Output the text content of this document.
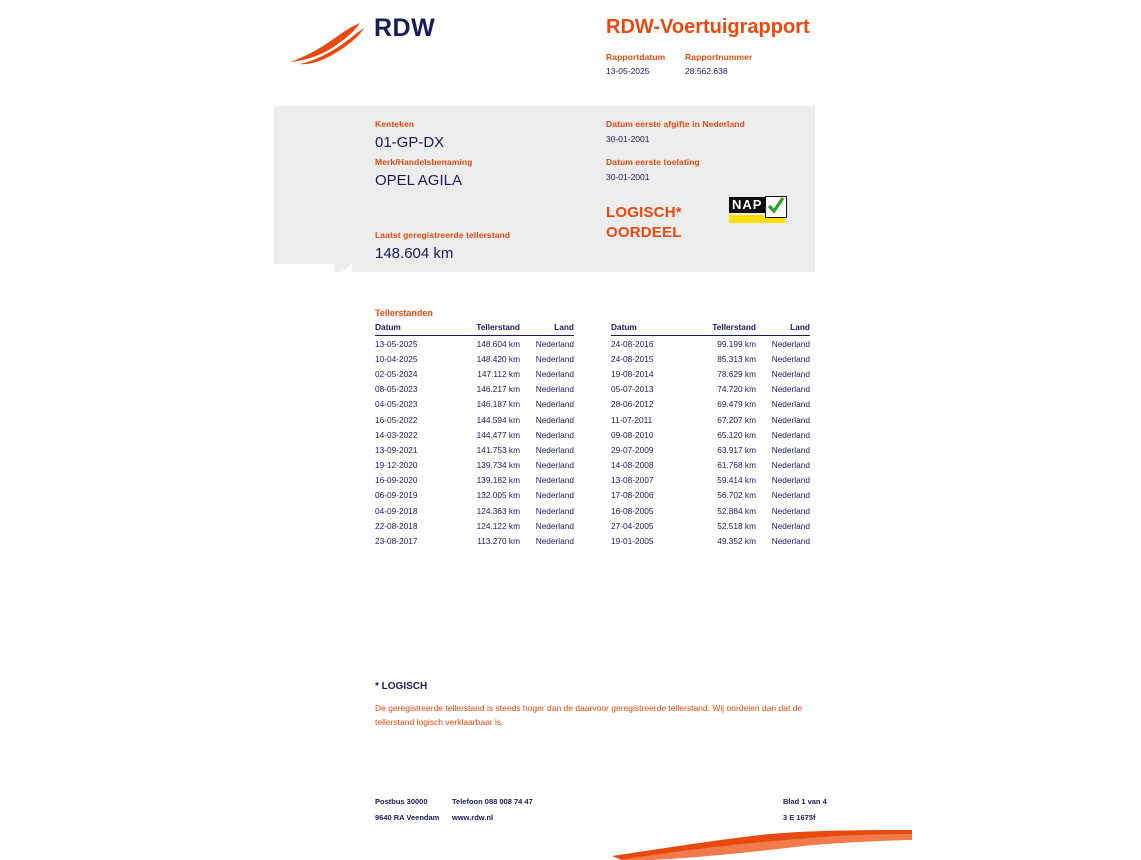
RDW	RDW-Voertuigrapport
Rapportdatum
13-05-2025
Rapportnummer
28.562.638
Kenteken
01-GP-DX
Merk/Handelsbenaming
OPEL AGILA
Laatst geregistreerde tellerstand
148.604 km
Datum eerste afgifte in Nederland
30-01-2001
Datum eerste toelating
30-01-2001
LOGISCH*
OORDEEL
NAP
Tellerstanden
Datum	Tellerstand	Land
13-05-2025	148.604 km	Nederland
10-04-2025	148.420 km	Nederland
02-05-2024	147.112 km	Nederland
08-05-2023	146.217 km	Nederland
04-05-2023	146.187 km	Nederland
16-05-2022	144.594 km	Nederland
14-03-2022	144.477 km	Nederland
13-09-2021	141.753 km	Nederland
19-12-2020	139.734 km	Nederland
16-09-2020	139.182 km	Nederland
06-09-2019	132.005 km	Nederland
04-09-2018	124.363 km	Nederland
22-08-2018	124.122 km	Nederland
23-08-2017	113.270 km	Nederland
Datum	Tellerstand	Land
24-08-2016	99.199 km	Nederland
24-08-2015	85.313 km	Nederland
19-08-2014	78.629 km	Nederland
05-07-2013	74.720 km	Nederland
28-06-2012	69.479 km	Nederland
11-07-2011	67.207 km	Nederland
09-08-2010	65.120 km	Nederland
29-07-2009	63.917 km	Nederland
14-08-2008	61.768 km	Nederland
13-08-2007	59.414 km	Nederland
17-08-2006	56.702 km	Nederland
16-08-2005	52.884 km	Nederland
27-04-2005	52.518 km	Nederland
19-01-2005	49.352 km	Nederland
* LOGISCH
De geregistreerde tellerstand is steeds hoger dan de daarvoor geregistreerde tellerstand. Wij oordelen dan dat de tellerstand logisch verklaarbaar is.
Postbus 30000
9640 RA Veendam
Telefoon 088 008 74 47
www.rdw.nl
Blad 1 van 4
3 E 1675f
